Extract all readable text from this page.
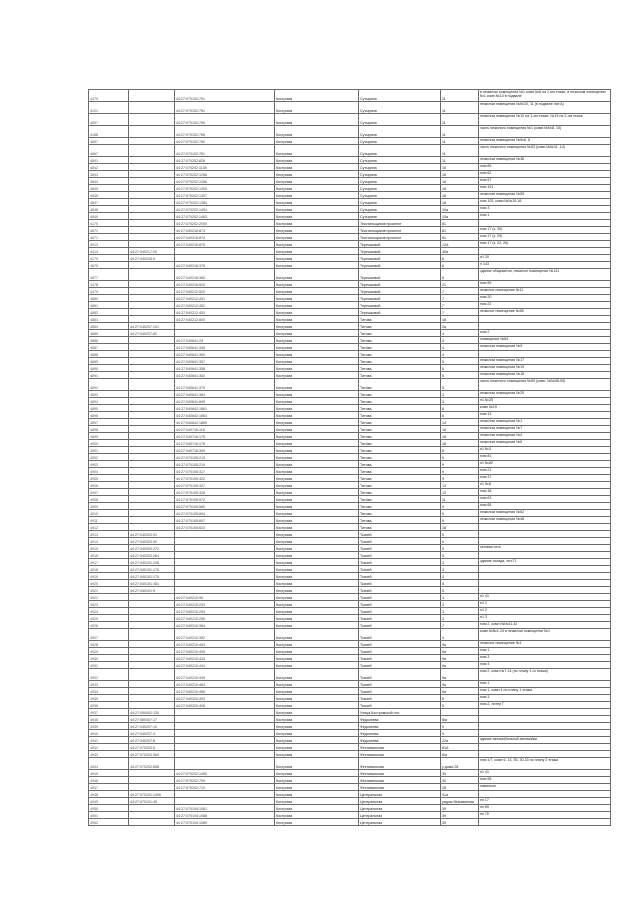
4479		44:27:070102:751	Кострома	Сутырина	11	в нежилом помещении №1 комн.№8 на 2-ом этаже, в нежилом помещении №1 комн.№10 в подвале
4121		44:27:070102:751	Кострома	Сутырина	11	нежилом помещении №№10, 11 (в подвале лит.А)
4557		44:27:070102:760	Кострома	Сутырина	11	нежилом помещении №10 на 1-ом этаже, №19 на 2-ом этаже
4188		44:27:070102:765	Кострома	Сутырина	11	часть нежилого помещения №1 (комн.№№8, 15)
4657		44:27:070102:760	Кострома	Сутырина	11	нежилом помещении №№6, 8
4667		44:27:070102:761	Кострома	Сутырина	11	часть нежилого помещения №53 (комн.№№11, 14)
4841		44:27:070202:826	Кострома	Сутырина	11	нежилом помещении №48
4842		44:27:070202:1155	Кострома	Сутырина	15	пом 69
4843		44:27:070202:1265	Кострома	Сутырина	16	пом 62
4844		44:27:070202:1266	Кострома	Сутырина	16	пом 57
4845		44:27:070202:1305	Кострома	Сутырина	16	пом 101
4846		44:27:070202:1307	Кострома	Сутырина	16	нежилом помещении №59
4847		44:27:070202:1384	Кострома	Сутырина	16	пом 103, комн.№№15-16
4848		44:27:070202:1454	Кострома	Сутырина	10а	пом 3
4849		44:27:070202:1463	Кострома	Сутырина	10а	пом 1
4170		44:27:070202:2000	Кострома	Текстильщиков проспект	81	
4871		44:27:040216:873	Кострома	Текстильщиков проспект	81	пом 17 (к. 30)
4871		44:27:040216:874	Кострома	Текстильщиков проспект	81	пом 17 (к. 29)
4913		44:27:040216:876	Кострома	Терешковой	12А	пом 17 (к. 22, 26)
4414	44:27:040217:20		Кострома	Терешковой	40а	
4179	44:27:040216:9		Кострома	Терешковой	6	н1 20
4875		44:27:040216:378	Кострома	Терешковой	6	н 143
4877		44:27:040216:380	Кострома	Терешковой	6	здание общежития, нежилое помещение №141
4478		44:27:040216:520	Кострома	Терешковой	21	пом 59
4479		44:27:040212:520	Кострома	Терешковой	7	нежилое помещение №11
4880		44:27:040212:451	Кострома	Терешковой	7	пом 20
4881		44:27:040212:452	Кострома	Терешковой	7	пом 22
4882		44:27:040212:453	Кострома	Терешковой	7	нежилое помещение №56
4883		44:27:040212:800	Кострома	Титова	18	
4884	44:27:040207:101		Кострома	Титова	2а	
4885	44:27:040207:82		Кострома	Титова	4	пом 2
4886		44:27:040641:24	Кострома	Титова	4	помещение №64
4887		44:27:040641:346	Кострома	Титова	4	нежилом помещении №9
4888		44:27:040641:350	Кострома	Титова	4	
4889		44:27:040641:357	Кострома	Титова	5	нежилом помещении №17
4890		44:27:040641:358	Кострома	Титова	5	нежилом помещении №19
4891		44:27:040641:362	Кострома	Титова	5	нежилом помещении №18
4892		44:27:040641:379	Кострома	Титова	5	часть нежилого помещения №59 (комн. №№56-59)
4893		44:27:040641:384	Кострома	Титова	3	нежилом помещении №20
4894		44:27:040641:849	Кострома	Титова	3	н1 №25
4895		44:27:040642:1861	Кострома	Титова	8	комн №19
4896		44:27:040642:1863	Кострома	Титова	8	пом 13
4897		44:27:040642:1869	Кострома	Титова	14	нежилом помещении №1
4898		44:27:040716:118	Кострома	Титова	16	нежилом помещении №7
4899		44:27:040716:175	Кострома	Титова	16	нежилом помещении №4
4900		44:27:040716:176	Кострома	Титова	16	нежилом помещении №5
4901		44:27:040716:399	Кострома	Титова	8	н1 №3
4902		44:27:070105:213	Кострома	Титова	9	пом 81
4903		44:27:070105:219	Кострома	Титова	9	н1 №82
4904		44:27:070105:317	Кострома	Титова	9	пом 21
4905		44:27:070105:322	Кострома	Титова	9	пом 37
4906		44:27:070105:327	Кострома	Титова	13	н1 №8
4907		44:27:070105:328	Кострома	Титова	13	пом 38
4908		44:27:070105:572	Кострома	Титова	11	пом 63
4909		44:27:070105:580	Кострома	Титова	9	пом 65
4910		44:27:070105:604	Кострома	Титова	9	нежилом помещении №62
4911		44:27:070105:607	Кострома	Титова	9	нежилом помещении №48
4912		44:27:070105:610	Кострома	Титова	18	
4913	44:27:040320:91		Кострома	Ткачей	5	
4914	44:27:040320:92		Кострома	Ткачей	5	
4915	44:27:040320:272		Кострома	Ткачей	5	газовая сеть
4916	44:27:040320:264		Кострома	Ткачей	5	
4917	44:27:040101:155		Кострома	Ткачей	3	здание склада, лит.Г1
4918	44:27:040101:176		Кострома	Ткачей	3	
4919	44:27:040101:175		Кострома	Ткачей	3	
4920	44:27:040101:181		Кострома	Ткачей	5	
4921	44:27:040101:9		Кострома	Ткачей	5	
4922		44:27:040210:95	Кострома	Ткачей	3	н1 41
4923		44:27:040210:253	Кострома	Ткачей	3	н1 1
4924		44:27:040210:254	Кострома	Ткачей	3	н1 2
4925		44:27:040210:255	Кострома	Ткачей	3	н1 3
4926		44:27:040210:364	Кострома	Ткачей	7	пом 2, комн №№41-42
4927		44:27:040210:352	Кострома	Ткачей	3	комн.№№1-24 в нежилом помещении №1
4928		44:27:040210:403	Кострома	Ткачей	9а	нежилое помещение №1
4929		44:27:040210:405	Кострома	Ткачей	9а	пом 1
4930		44:27:040210:433	Кострома	Ткачей	9а	пом 3
4931		44:27:040210:444	Кострома	Ткачей	9а	пом 4
4932		44:27:040210:449	Кострома	Ткачей	9а	пом 2, комн.№7-14 (по плану 1-го этажа)
4933		44:27:040210:464	Кострома	Ткачей	9а	пом 1
4934		44:27:040210:466	Кострома	Ткачей	9а	пом 1, комн.4 по плану 1 этажа
4935		44:27:040320:403	Кострома	Ткачей	5	пом 3
4936		44:27:040320:408	Кострома	Ткачей	5	пом 2, литер Г
4937	44:27:050402:130		Кострома	Улица Костромской пос		
4938	44:27:060407:17		Кострома	Федосеева	8/а	
4939	44:27:040207:10		Кострома	Федосеева	9	
4940	44:27:040207:4		Кострома	Федосеева	9	
4941	44:27:040207:8		Кострома	Федосеева	22а	здание автомобильной автомойки
4942	44:27:070203:5		Кострома	Фестивальная	81А	
4943	44:27:070203:364		Кострома	Фестивальная	8/а	
4944	44:27:070202:858		Кострома	Фестивальная	у дома 28	пом 1/7, комн 6, 13, 35, 30-33 по плану 2 этажа
4945		44:27:070202:1450	Кострома	Фестивальная	30	н1 41
4946		44:27:070202:709	Кострома	Фестивальная	30	пом 55
4947		44:27:070202:710	Кострома	Фестивальная	28	павильон
4948	44:27:070101:1406		Кострома	Центральная	41а	
4949	44:27:070101:45		Кострома	Центральная	рядом безымянная	пн 17
4950		44:27:070104:1081	Кострома	Центральная	39	пн 69
4951		44:27:070104:1086	Кострома	Центральная	39	пн 70
4952		44:27:070104:1089	Кострома	Центральная	39	
